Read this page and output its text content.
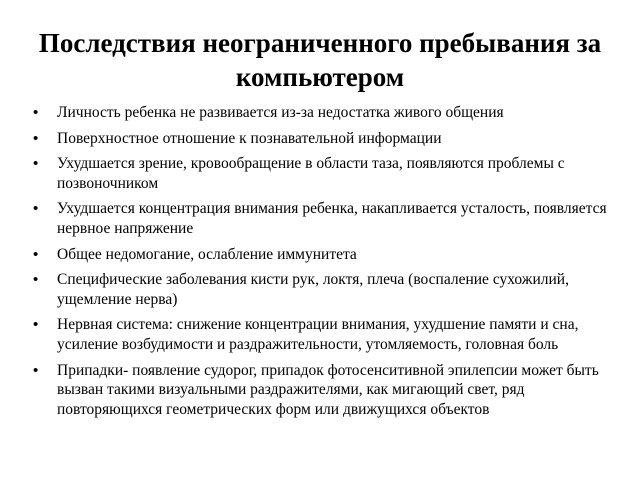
Последствия неограниченного пребывания за компьютером
•	Личность ребенка не развивается из-за недостатка живого общения
•	Поверхностное отношение к познавательной информации
•	Ухудшается зрение, кровообращение в области таза, появляются проблемы с позвоночником
•	Ухудшается концентрация внимания ребенка, накапливается усталость, появляется нервное напряжение
•	Общее недомогание, ослабление иммунитета
•	Специфические заболевания кисти рук, локтя, плеча (воспаление сухожилий, ущемление нерва)
•	Нервная система: снижение концентрации внимания, ухудшение памяти и сна, усиление возбудимости и раздражительности, утомляемость, головная боль
•	Припадки- появление судорог, припадок фотосенситивной эпилепсии может быть вызван такими визуальными раздражителями, как мигающий свет, ряд повторяющихся геометрических форм или движущихся объектов
